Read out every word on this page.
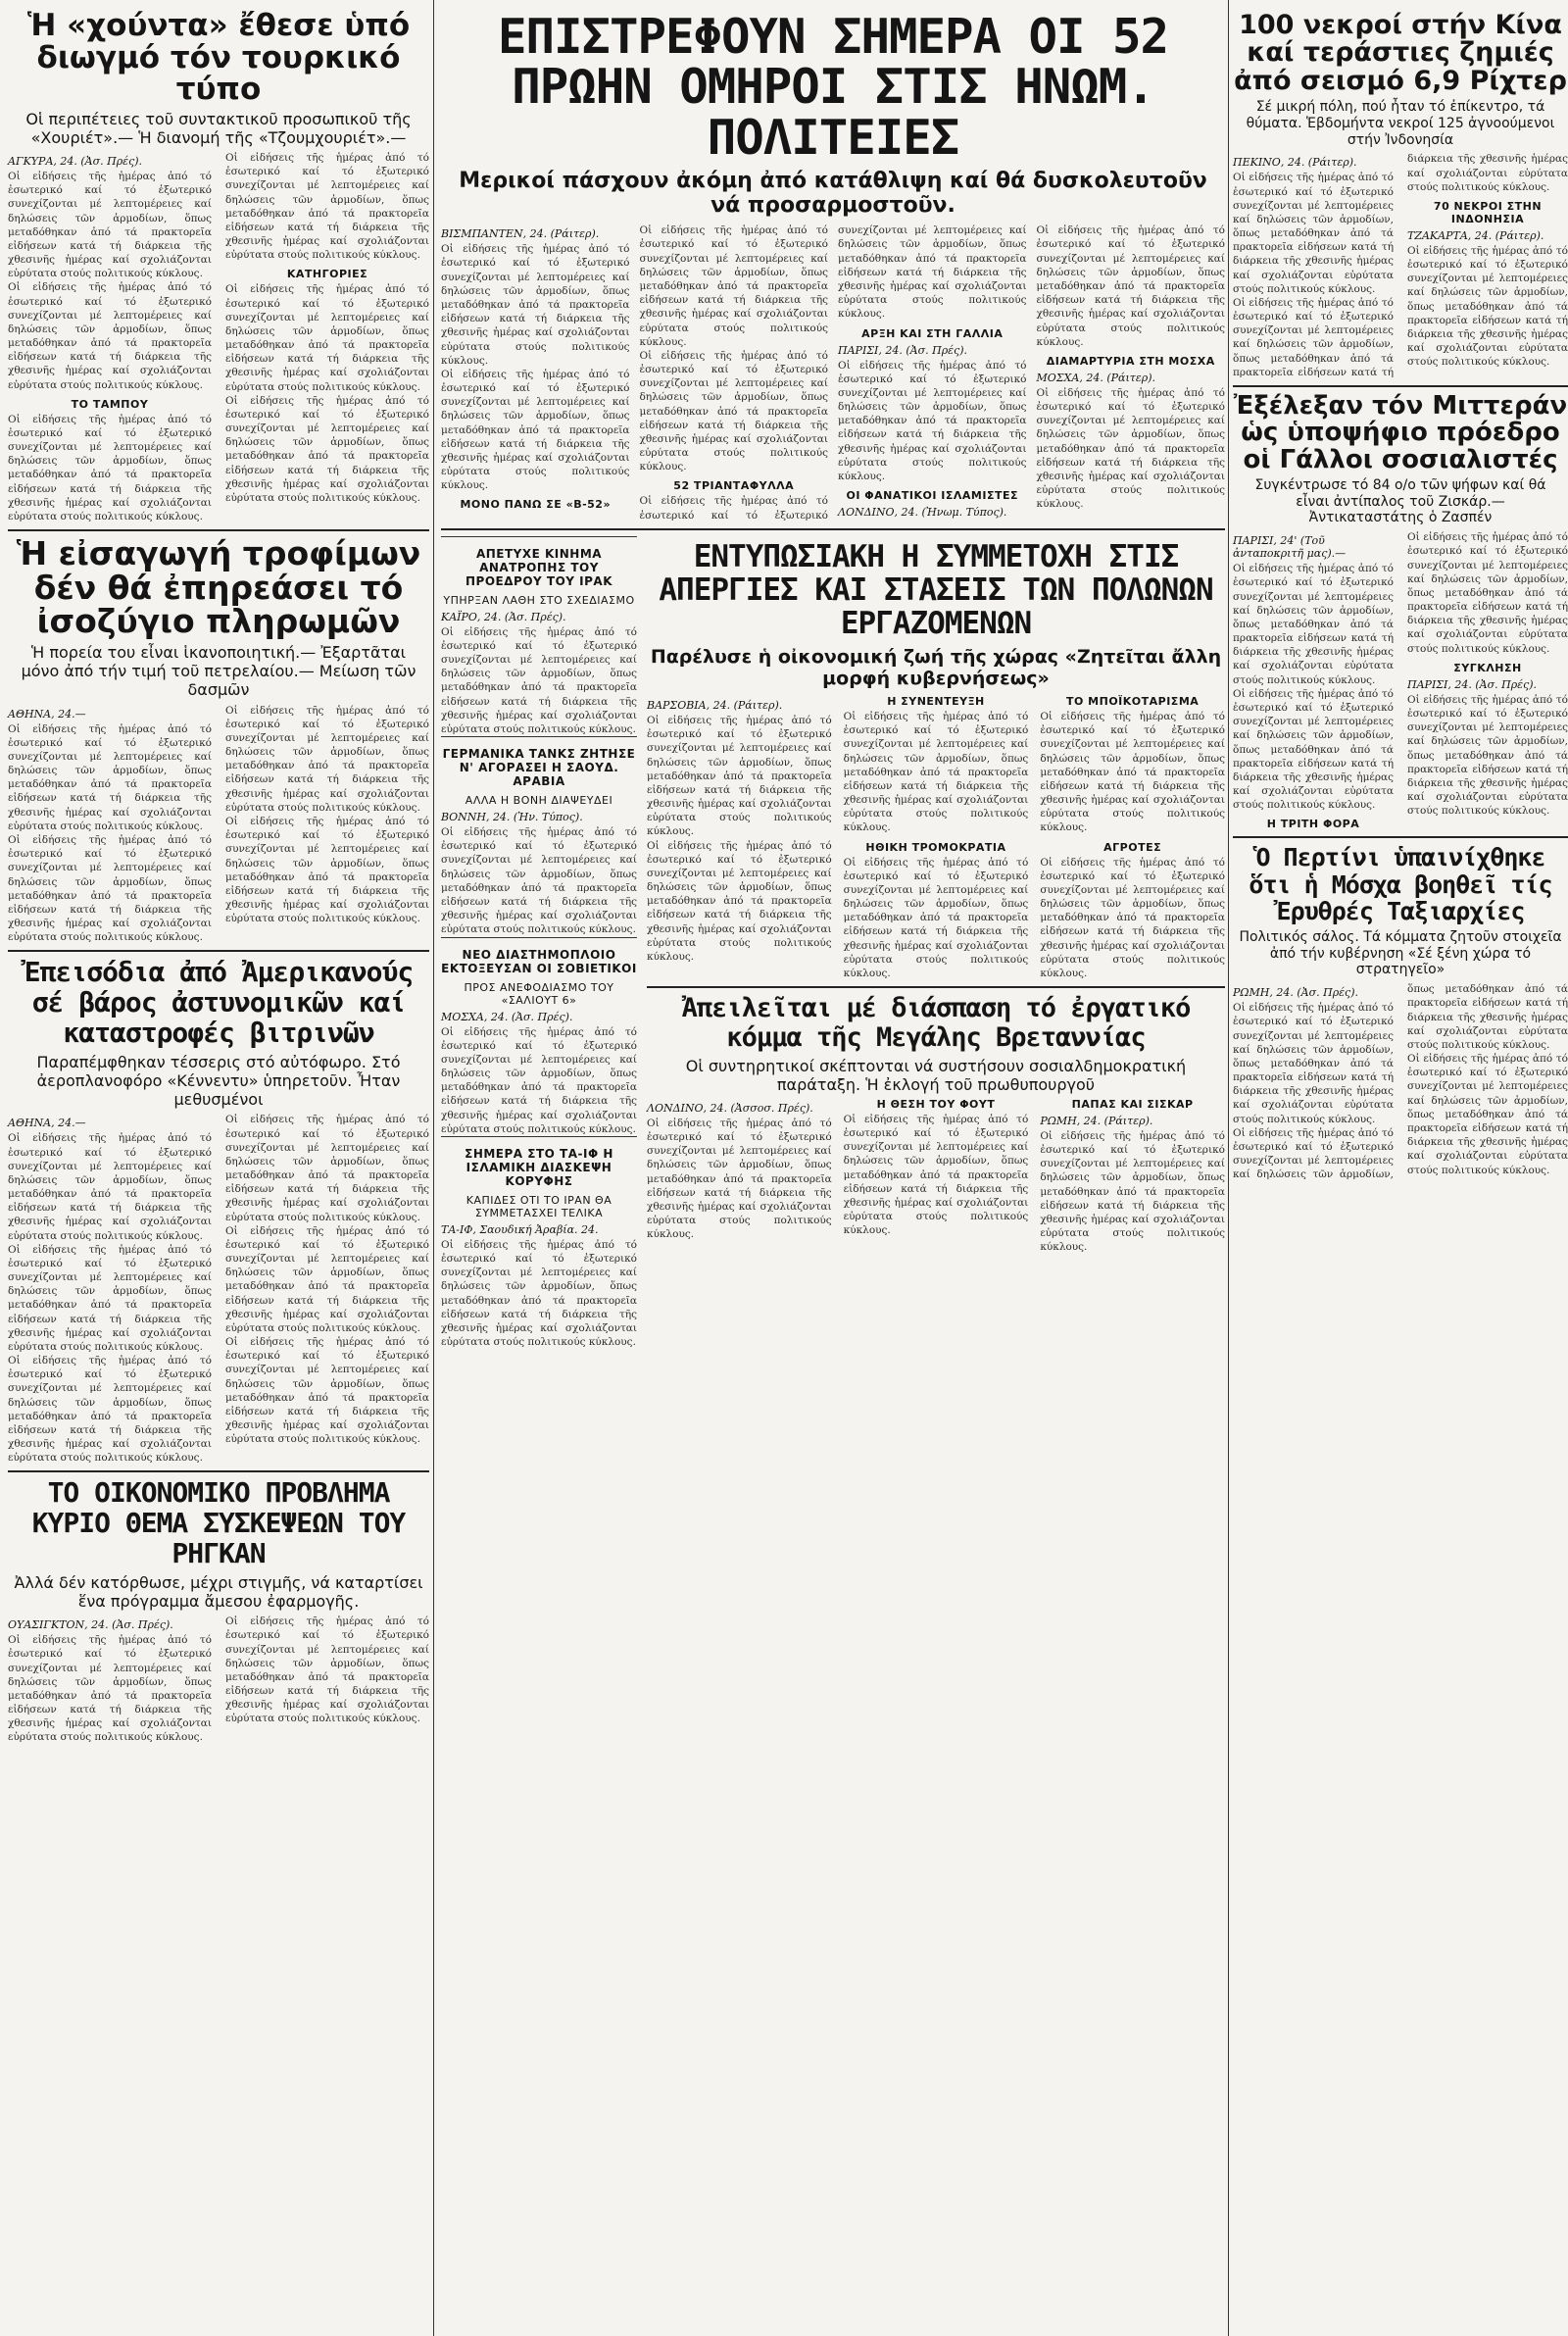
Ἡ «χούντα» ἔθεσε ὑπό διωγμό τόν τουρκικό τύπο

Οἱ περιπέτειες τοῦ συντακτικοῦ προσωπικοῦ τῆς «Χουριέτ».— Ἡ διανομή τῆς «Τζουμχουριέτ».—

ΑΓΚΥΡΑ, 24. (Ἀσ. Πρές).

Οἱ εἰδήσεις τῆς ἡμέρας ἀπό τό ἐσωτερικό καί τό ἐξωτερικό συνεχίζονται μέ λεπτομέρειες καί δηλώσεις τῶν ἁρμοδίων, ὅπως μεταδόθηκαν ἀπό τά πρακτορεῖα εἰδήσεων κατά τή διάρκεια τῆς χθεσινῆς ἡμέρας καί σχολιάζονται εὐρύτατα στούς πολιτικούς κύκλους.

Οἱ εἰδήσεις τῆς ἡμέρας ἀπό τό ἐσωτερικό καί τό ἐξωτερικό συνεχίζονται μέ λεπτομέρειες καί δηλώσεις τῶν ἁρμοδίων, ὅπως μεταδόθηκαν ἀπό τά πρακτορεῖα εἰδήσεων κατά τή διάρκεια τῆς χθεσινῆς ἡμέρας καί σχολιάζονται εὐρύτατα στούς πολιτικούς κύκλους.

ΤΟ ΤΑΜΠΟΥ

Οἱ εἰδήσεις τῆς ἡμέρας ἀπό τό ἐσωτερικό καί τό ἐξωτερικό συνεχίζονται μέ λεπτομέρειες καί δηλώσεις τῶν ἁρμοδίων, ὅπως μεταδόθηκαν ἀπό τά πρακτορεῖα εἰδήσεων κατά τή διάρκεια τῆς χθεσινῆς ἡμέρας καί σχολιάζονται εὐρύτατα στούς πολιτικούς κύκλους.

Οἱ εἰδήσεις τῆς ἡμέρας ἀπό τό ἐσωτερικό καί τό ἐξωτερικό συνεχίζονται μέ λεπτομέρειες καί δηλώσεις τῶν ἁρμοδίων, ὅπως μεταδόθηκαν ἀπό τά πρακτορεῖα εἰδήσεων κατά τή διάρκεια τῆς χθεσινῆς ἡμέρας καί σχολιάζονται εὐρύτατα στούς πολιτικούς κύκλους.

ΚΑΤΗΓΟΡΙΕΣ

Οἱ εἰδήσεις τῆς ἡμέρας ἀπό τό ἐσωτερικό καί τό ἐξωτερικό συνεχίζονται μέ λεπτομέρειες καί δηλώσεις τῶν ἁρμοδίων, ὅπως μεταδόθηκαν ἀπό τά πρακτορεῖα εἰδήσεων κατά τή διάρκεια τῆς χθεσινῆς ἡμέρας καί σχολιάζονται εὐρύτατα στούς πολιτικούς κύκλους.

Οἱ εἰδήσεις τῆς ἡμέρας ἀπό τό ἐσωτερικό καί τό ἐξωτερικό συνεχίζονται μέ λεπτομέρειες καί δηλώσεις τῶν ἁρμοδίων, ὅπως μεταδόθηκαν ἀπό τά πρακτορεῖα εἰδήσεων κατά τή διάρκεια τῆς χθεσινῆς ἡμέρας καί σχολιάζονται εὐρύτατα στούς πολιτικούς κύκλους.

Ἡ εἰσαγωγή τροφίμων δέν θά ἐπηρεάσει τό ἰσοζύγιο πληρωμῶν

Ἡ πορεία του εἶναι ἱκανοποιητική.— Ἐξαρτᾶται μόνο ἀπό τήν τιμή τοῦ πετρελαίου.— Μείωση τῶν δασμῶν

ΑΘΗΝΑ, 24.—

Οἱ εἰδήσεις τῆς ἡμέρας ἀπό τό ἐσωτερικό καί τό ἐξωτερικό συνεχίζονται μέ λεπτομέρειες καί δηλώσεις τῶν ἁρμοδίων, ὅπως μεταδόθηκαν ἀπό τά πρακτορεῖα εἰδήσεων κατά τή διάρκεια τῆς χθεσινῆς ἡμέρας καί σχολιάζονται εὐρύτατα στούς πολιτικούς κύκλους.

Οἱ εἰδήσεις τῆς ἡμέρας ἀπό τό ἐσωτερικό καί τό ἐξωτερικό συνεχίζονται μέ λεπτομέρειες καί δηλώσεις τῶν ἁρμοδίων, ὅπως μεταδόθηκαν ἀπό τά πρακτορεῖα εἰδήσεων κατά τή διάρκεια τῆς χθεσινῆς ἡμέρας καί σχολιάζονται εὐρύτατα στούς πολιτικούς κύκλους.

Οἱ εἰδήσεις τῆς ἡμέρας ἀπό τό ἐσωτερικό καί τό ἐξωτερικό συνεχίζονται μέ λεπτομέρειες καί δηλώσεις τῶν ἁρμοδίων, ὅπως μεταδόθηκαν ἀπό τά πρακτορεῖα εἰδήσεων κατά τή διάρκεια τῆς χθεσινῆς ἡμέρας καί σχολιάζονται εὐρύτατα στούς πολιτικούς κύκλους.

Οἱ εἰδήσεις τῆς ἡμέρας ἀπό τό ἐσωτερικό καί τό ἐξωτερικό συνεχίζονται μέ λεπτομέρειες καί δηλώσεις τῶν ἁρμοδίων, ὅπως μεταδόθηκαν ἀπό τά πρακτορεῖα εἰδήσεων κατά τή διάρκεια τῆς χθεσινῆς ἡμέρας καί σχολιάζονται εὐρύτατα στούς πολιτικούς κύκλους.

Ἐπεισόδια ἀπό Ἀμερικανούς σέ βάρος ἀστυνομικῶν καί καταστροφές βιτρινῶν

Παραπέμφθηκαν τέσσερις στό αὐτόφωρο. Στό ἀεροπλανοφόρο «Κέννεντυ» ὑπηρετοῦν. Ἦταν μεθυσμένοι

ΑΘΗΝΑ, 24.—

Οἱ εἰδήσεις τῆς ἡμέρας ἀπό τό ἐσωτερικό καί τό ἐξωτερικό συνεχίζονται μέ λεπτομέρειες καί δηλώσεις τῶν ἁρμοδίων, ὅπως μεταδόθηκαν ἀπό τά πρακτορεῖα εἰδήσεων κατά τή διάρκεια τῆς χθεσινῆς ἡμέρας καί σχολιάζονται εὐρύτατα στούς πολιτικούς κύκλους.

Οἱ εἰδήσεις τῆς ἡμέρας ἀπό τό ἐσωτερικό καί τό ἐξωτερικό συνεχίζονται μέ λεπτομέρειες καί δηλώσεις τῶν ἁρμοδίων, ὅπως μεταδόθηκαν ἀπό τά πρακτορεῖα εἰδήσεων κατά τή διάρκεια τῆς χθεσινῆς ἡμέρας καί σχολιάζονται εὐρύτατα στούς πολιτικούς κύκλους.

Οἱ εἰδήσεις τῆς ἡμέρας ἀπό τό ἐσωτερικό καί τό ἐξωτερικό συνεχίζονται μέ λεπτομέρειες καί δηλώσεις τῶν ἁρμοδίων, ὅπως μεταδόθηκαν ἀπό τά πρακτορεῖα εἰδήσεων κατά τή διάρκεια τῆς χθεσινῆς ἡμέρας καί σχολιάζονται εὐρύτατα στούς πολιτικούς κύκλους.

Οἱ εἰδήσεις τῆς ἡμέρας ἀπό τό ἐσωτερικό καί τό ἐξωτερικό συνεχίζονται μέ λεπτομέρειες καί δηλώσεις τῶν ἁρμοδίων, ὅπως μεταδόθηκαν ἀπό τά πρακτορεῖα εἰδήσεων κατά τή διάρκεια τῆς χθεσινῆς ἡμέρας καί σχολιάζονται εὐρύτατα στούς πολιτικούς κύκλους.

Οἱ εἰδήσεις τῆς ἡμέρας ἀπό τό ἐσωτερικό καί τό ἐξωτερικό συνεχίζονται μέ λεπτομέρειες καί δηλώσεις τῶν ἁρμοδίων, ὅπως μεταδόθηκαν ἀπό τά πρακτορεῖα εἰδήσεων κατά τή διάρκεια τῆς χθεσινῆς ἡμέρας καί σχολιάζονται εὐρύτατα στούς πολιτικούς κύκλους.

Οἱ εἰδήσεις τῆς ἡμέρας ἀπό τό ἐσωτερικό καί τό ἐξωτερικό συνεχίζονται μέ λεπτομέρειες καί δηλώσεις τῶν ἁρμοδίων, ὅπως μεταδόθηκαν ἀπό τά πρακτορεῖα εἰδήσεων κατά τή διάρκεια τῆς χθεσινῆς ἡμέρας καί σχολιάζονται εὐρύτατα στούς πολιτικούς κύκλους.

ΤΟ ΟΙΚΟΝΟΜΙΚΟ ΠΡΟΒΛΗΜΑ ΚΥΡΙΟ ΘΕΜΑ ΣΥΣΚΕΨΕΩΝ ΤΟΥ ΡΗΓΚΑΝ

Ἀλλά δέν κατόρθωσε, μέχρι στιγμῆς, νά καταρτίσει ἕνα πρόγραμμα ἄμεσου ἐφαρμογῆς.

ΟΥΑΣΙΓΚΤΟΝ, 24. (Ἀσ. Πρές).

Οἱ εἰδήσεις τῆς ἡμέρας ἀπό τό ἐσωτερικό καί τό ἐξωτερικό συνεχίζονται μέ λεπτομέρειες καί δηλώσεις τῶν ἁρμοδίων, ὅπως μεταδόθηκαν ἀπό τά πρακτορεῖα εἰδήσεων κατά τή διάρκεια τῆς χθεσινῆς ἡμέρας καί σχολιάζονται εὐρύτατα στούς πολιτικούς κύκλους.

Οἱ εἰδήσεις τῆς ἡμέρας ἀπό τό ἐσωτερικό καί τό ἐξωτερικό συνεχίζονται μέ λεπτομέρειες καί δηλώσεις τῶν ἁρμοδίων, ὅπως μεταδόθηκαν ἀπό τά πρακτορεῖα εἰδήσεων κατά τή διάρκεια τῆς χθεσινῆς ἡμέρας καί σχολιάζονται εὐρύτατα στούς πολιτικούς κύκλους.

ΕΠΙΣΤΡΕΦΟΥΝ ΣΗΜΕΡΑ ΟΙ 52 ΠΡΩΗΝ ΟΜΗΡΟΙ ΣΤΙΣ ΗΝΩΜ. ΠΟΛΙΤΕΙΕΣ

Μερικοί πάσχουν ἀκόμη ἀπό κατάθλιψη καί θά δυσκολευτοῦν νά προσαρμοστοῦν.

ΒΙΣΜΠΑΝΤΕΝ, 24. (Ράιτερ).

Οἱ εἰδήσεις τῆς ἡμέρας ἀπό τό ἐσωτερικό καί τό ἐξωτερικό συνεχίζονται μέ λεπτομέρειες καί δηλώσεις τῶν ἁρμοδίων, ὅπως μεταδόθηκαν ἀπό τά πρακτορεῖα εἰδήσεων κατά τή διάρκεια τῆς χθεσινῆς ἡμέρας καί σχολιάζονται εὐρύτατα στούς πολιτικούς κύκλους.

Οἱ εἰδήσεις τῆς ἡμέρας ἀπό τό ἐσωτερικό καί τό ἐξωτερικό συνεχίζονται μέ λεπτομέρειες καί δηλώσεις τῶν ἁρμοδίων, ὅπως μεταδόθηκαν ἀπό τά πρακτορεῖα εἰδήσεων κατά τή διάρκεια τῆς χθεσινῆς ἡμέρας καί σχολιάζονται εὐρύτατα στούς πολιτικούς κύκλους.

ΜΟΝΟ ΠΑΝΩ ΣΕ «Β-52»

Οἱ εἰδήσεις τῆς ἡμέρας ἀπό τό ἐσωτερικό καί τό ἐξωτερικό συνεχίζονται μέ λεπτομέρειες καί δηλώσεις τῶν ἁρμοδίων, ὅπως μεταδόθηκαν ἀπό τά πρακτορεῖα εἰδήσεων κατά τή διάρκεια τῆς χθεσινῆς ἡμέρας καί σχολιάζονται εὐρύτατα στούς πολιτικούς κύκλους.

Οἱ εἰδήσεις τῆς ἡμέρας ἀπό τό ἐσωτερικό καί τό ἐξωτερικό συνεχίζονται μέ λεπτομέρειες καί δηλώσεις τῶν ἁρμοδίων, ὅπως μεταδόθηκαν ἀπό τά πρακτορεῖα εἰδήσεων κατά τή διάρκεια τῆς χθεσινῆς ἡμέρας καί σχολιάζονται εὐρύτατα στούς πολιτικούς κύκλους.

52 ΤΡΙΑΝΤΑΦΥΛΛΑ

Οἱ εἰδήσεις τῆς ἡμέρας ἀπό τό ἐσωτερικό καί τό ἐξωτερικό συνεχίζονται μέ λεπτομέρειες καί δηλώσεις τῶν ἁρμοδίων, ὅπως μεταδόθηκαν ἀπό τά πρακτορεῖα εἰδήσεων κατά τή διάρκεια τῆς χθεσινῆς ἡμέρας καί σχολιάζονται εὐρύτατα στούς πολιτικούς κύκλους.

ΑΡΞΗ ΚΑΙ ΣΤΗ ΓΑΛΛΙΑ

ΠΑΡΙΣΙ, 24. (Ἀσ. Πρές).

Οἱ εἰδήσεις τῆς ἡμέρας ἀπό τό ἐσωτερικό καί τό ἐξωτερικό συνεχίζονται μέ λεπτομέρειες καί δηλώσεις τῶν ἁρμοδίων, ὅπως μεταδόθηκαν ἀπό τά πρακτορεῖα εἰδήσεων κατά τή διάρκεια τῆς χθεσινῆς ἡμέρας καί σχολιάζονται εὐρύτατα στούς πολιτικούς κύκλους.

ΟΙ ΦΑΝΑΤΙΚΟΙ ΙΣΛΑΜΙΣΤΕΣ

ΛΟΝΔΙΝΟ, 24. (Ἠνωμ. Τύπος).

Οἱ εἰδήσεις τῆς ἡμέρας ἀπό τό ἐσωτερικό καί τό ἐξωτερικό συνεχίζονται μέ λεπτομέρειες καί δηλώσεις τῶν ἁρμοδίων, ὅπως μεταδόθηκαν ἀπό τά πρακτορεῖα εἰδήσεων κατά τή διάρκεια τῆς χθεσινῆς ἡμέρας καί σχολιάζονται εὐρύτατα στούς πολιτικούς κύκλους.

ΔΙΑΜΑΡΤΥΡΙΑ ΣΤΗ ΜΟΣΧΑ

ΜΟΣΧΑ, 24. (Ράιτερ).

Οἱ εἰδήσεις τῆς ἡμέρας ἀπό τό ἐσωτερικό καί τό ἐξωτερικό συνεχίζονται μέ λεπτομέρειες καί δηλώσεις τῶν ἁρμοδίων, ὅπως μεταδόθηκαν ἀπό τά πρακτορεῖα εἰδήσεων κατά τή διάρκεια τῆς χθεσινῆς ἡμέρας καί σχολιάζονται εὐρύτατα στούς πολιτικούς κύκλους.

ΑΠΕΤΥΧΕ ΚΙΝΗΜΑ ΑΝΑΤΡΟΠΗΣ ΤΟΥ ΠΡΟΕΔΡΟΥ ΤΟΥ ΙΡΑΚ

ΥΠΗΡΞΑΝ ΛΑΘΗ ΣΤΟ ΣΧΕΔΙΑΣΜΟ

ΚΑΪΡΟ, 24. (Ἀσ. Πρές).

Οἱ εἰδήσεις τῆς ἡμέρας ἀπό τό ἐσωτερικό καί τό ἐξωτερικό συνεχίζονται μέ λεπτομέρειες καί δηλώσεις τῶν ἁρμοδίων, ὅπως μεταδόθηκαν ἀπό τά πρακτορεῖα εἰδήσεων κατά τή διάρκεια τῆς χθεσινῆς ἡμέρας καί σχολιάζονται εὐρύτατα στούς πολιτικούς κύκλους.

ΓΕΡΜΑΝΙΚΑ ΤΑΝΚΣ ΖΗΤΗΣΕ Ν' ΑΓΟΡΑΣΕΙ Η ΣΑΟΥΔ. ΑΡΑΒΙΑ

ΑΛΛΑ Η ΒΟΝΗ ΔΙΑΨΕΥΔΕΙ

ΒΟΝΝΗ, 24. (Ἠν. Τύπος).

Οἱ εἰδήσεις τῆς ἡμέρας ἀπό τό ἐσωτερικό καί τό ἐξωτερικό συνεχίζονται μέ λεπτομέρειες καί δηλώσεις τῶν ἁρμοδίων, ὅπως μεταδόθηκαν ἀπό τά πρακτορεῖα εἰδήσεων κατά τή διάρκεια τῆς χθεσινῆς ἡμέρας καί σχολιάζονται εὐρύτατα στούς πολιτικούς κύκλους.

ΝΕΟ ΔΙΑΣΤΗΜΟΠΛΟΙΟ ΕΚΤΟΞΕΥΣΑΝ ΟΙ ΣΟΒΙΕΤΙΚΟΙ

ΠΡΟΣ ΑΝΕΦΟΔΙΑΣΜΟ ΤΟΥ «ΣΑΛΙΟΥΤ 6»

ΜΟΣΧΑ, 24. (Ἀσ. Πρές).

Οἱ εἰδήσεις τῆς ἡμέρας ἀπό τό ἐσωτερικό καί τό ἐξωτερικό συνεχίζονται μέ λεπτομέρειες καί δηλώσεις τῶν ἁρμοδίων, ὅπως μεταδόθηκαν ἀπό τά πρακτορεῖα εἰδήσεων κατά τή διάρκεια τῆς χθεσινῆς ἡμέρας καί σχολιάζονται εὐρύτατα στούς πολιτικούς κύκλους.

ΣΗΜΕΡΑ ΣΤΟ ΤΑ-ΙΦ Η ΙΣΛΑΜΙΚΗ ΔΙΑΣΚΕΨΗ ΚΟΡΥΦΗΣ

ΚΑΠΙΔΕΣ ΟΤΙ ΤΟ ΙΡΑΝ ΘΑ ΣΥΜΜΕΤΑΣΧΕΙ ΤΕΛΙΚΑ

ΤΑ-ΙΦ, Σαουδική Ἀραβία. 24.

Οἱ εἰδήσεις τῆς ἡμέρας ἀπό τό ἐσωτερικό καί τό ἐξωτερικό συνεχίζονται μέ λεπτομέρειες καί δηλώσεις τῶν ἁρμοδίων, ὅπως μεταδόθηκαν ἀπό τά πρακτορεῖα εἰδήσεων κατά τή διάρκεια τῆς χθεσινῆς ἡμέρας καί σχολιάζονται εὐρύτατα στούς πολιτικούς κύκλους.

ΕΝΤΥΠΩΣΙΑΚΗ Η ΣΥΜΜΕΤΟΧΗ ΣΤΙΣ ΑΠΕΡΓΙΕΣ ΚΑΙ ΣΤΑΣΕΙΣ ΤΩΝ ΠΟΛΩΝΩΝ ΕΡΓΑΖΟΜΕΝΩΝ

Παρέλυσε ἡ οἰκονομική ζωή τῆς χώρας «Ζητεῖται ἄλλη μορφή κυβερνήσεως»

ΒΑΡΣΟΒΙΑ, 24. (Ράιτερ).

Οἱ εἰδήσεις τῆς ἡμέρας ἀπό τό ἐσωτερικό καί τό ἐξωτερικό συνεχίζονται μέ λεπτομέρειες καί δηλώσεις τῶν ἁρμοδίων, ὅπως μεταδόθηκαν ἀπό τά πρακτορεῖα εἰδήσεων κατά τή διάρκεια τῆς χθεσινῆς ἡμέρας καί σχολιάζονται εὐρύτατα στούς πολιτικούς κύκλους.

Οἱ εἰδήσεις τῆς ἡμέρας ἀπό τό ἐσωτερικό καί τό ἐξωτερικό συνεχίζονται μέ λεπτομέρειες καί δηλώσεις τῶν ἁρμοδίων, ὅπως μεταδόθηκαν ἀπό τά πρακτορεῖα εἰδήσεων κατά τή διάρκεια τῆς χθεσινῆς ἡμέρας καί σχολιάζονται εὐρύτατα στούς πολιτικούς κύκλους.

Η ΣΥΝΕΝΤΕΥΞΗ

Οἱ εἰδήσεις τῆς ἡμέρας ἀπό τό ἐσωτερικό καί τό ἐξωτερικό συνεχίζονται μέ λεπτομέρειες καί δηλώσεις τῶν ἁρμοδίων, ὅπως μεταδόθηκαν ἀπό τά πρακτορεῖα εἰδήσεων κατά τή διάρκεια τῆς χθεσινῆς ἡμέρας καί σχολιάζονται εὐρύτατα στούς πολιτικούς κύκλους.

ΗΘΙΚΗ ΤΡΟΜΟΚΡΑΤΙΑ

Οἱ εἰδήσεις τῆς ἡμέρας ἀπό τό ἐσωτερικό καί τό ἐξωτερικό συνεχίζονται μέ λεπτομέρειες καί δηλώσεις τῶν ἁρμοδίων, ὅπως μεταδόθηκαν ἀπό τά πρακτορεῖα εἰδήσεων κατά τή διάρκεια τῆς χθεσινῆς ἡμέρας καί σχολιάζονται εὐρύτατα στούς πολιτικούς κύκλους.

ΤΟ ΜΠΟΪΚΟΤΑΡΙΣΜΑ

Οἱ εἰδήσεις τῆς ἡμέρας ἀπό τό ἐσωτερικό καί τό ἐξωτερικό συνεχίζονται μέ λεπτομέρειες καί δηλώσεις τῶν ἁρμοδίων, ὅπως μεταδόθηκαν ἀπό τά πρακτορεῖα εἰδήσεων κατά τή διάρκεια τῆς χθεσινῆς ἡμέρας καί σχολιάζονται εὐρύτατα στούς πολιτικούς κύκλους.

ΑΓΡΟΤΕΣ

Οἱ εἰδήσεις τῆς ἡμέρας ἀπό τό ἐσωτερικό καί τό ἐξωτερικό συνεχίζονται μέ λεπτομέρειες καί δηλώσεις τῶν ἁρμοδίων, ὅπως μεταδόθηκαν ἀπό τά πρακτορεῖα εἰδήσεων κατά τή διάρκεια τῆς χθεσινῆς ἡμέρας καί σχολιάζονται εὐρύτατα στούς πολιτικούς κύκλους.

Ἀπειλεῖται μέ διάσπαση τό ἐργατικό κόμμα τῆς Μεγάλης Βρεταννίας

Οἱ συντηρητικοί σκέπτονται νά συστήσουν σοσιαλδημοκρατική παράταξη. Ἡ ἐκλογή τοῦ πρωθυπουργοῦ

ΛΟΝΔΙΝΟ, 24. (Ἀσσοσ. Πρές).

Οἱ εἰδήσεις τῆς ἡμέρας ἀπό τό ἐσωτερικό καί τό ἐξωτερικό συνεχίζονται μέ λεπτομέρειες καί δηλώσεις τῶν ἁρμοδίων, ὅπως μεταδόθηκαν ἀπό τά πρακτορεῖα εἰδήσεων κατά τή διάρκεια τῆς χθεσινῆς ἡμέρας καί σχολιάζονται εὐρύτατα στούς πολιτικούς κύκλους.

Η ΘΕΣΗ ΤΟΥ ΦΟΥΤ

Οἱ εἰδήσεις τῆς ἡμέρας ἀπό τό ἐσωτερικό καί τό ἐξωτερικό συνεχίζονται μέ λεπτομέρειες καί δηλώσεις τῶν ἁρμοδίων, ὅπως μεταδόθηκαν ἀπό τά πρακτορεῖα εἰδήσεων κατά τή διάρκεια τῆς χθεσινῆς ἡμέρας καί σχολιάζονται εὐρύτατα στούς πολιτικούς κύκλους.

ΠΑΠΑΣ ΚΑΙ ΣΙΣΚΑΡ

ΡΩΜΗ, 24. (Ράιτερ).

Οἱ εἰδήσεις τῆς ἡμέρας ἀπό τό ἐσωτερικό καί τό ἐξωτερικό συνεχίζονται μέ λεπτομέρειες καί δηλώσεις τῶν ἁρμοδίων, ὅπως μεταδόθηκαν ἀπό τά πρακτορεῖα εἰδήσεων κατά τή διάρκεια τῆς χθεσινῆς ἡμέρας καί σχολιάζονται εὐρύτατα στούς πολιτικούς κύκλους.

100 νεκροί στήν Κίνα καί τεράστιες ζημιές ἀπό σεισμό 6,9 Ρίχτερ

Σέ μικρή πόλη, πού ἦταν τό ἐπίκεντρο, τά θύματα. Ἑβδομήντα νεκροί 125 ἀγνοούμενοι στήν Ἰνδονησία

ΠΕΚΙΝΟ, 24. (Ράιτερ).

Οἱ εἰδήσεις τῆς ἡμέρας ἀπό τό ἐσωτερικό καί τό ἐξωτερικό συνεχίζονται μέ λεπτομέρειες καί δηλώσεις τῶν ἁρμοδίων, ὅπως μεταδόθηκαν ἀπό τά πρακτορεῖα εἰδήσεων κατά τή διάρκεια τῆς χθεσινῆς ἡμέρας καί σχολιάζονται εὐρύτατα στούς πολιτικούς κύκλους.

Οἱ εἰδήσεις τῆς ἡμέρας ἀπό τό ἐσωτερικό καί τό ἐξωτερικό συνεχίζονται μέ λεπτομέρειες καί δηλώσεις τῶν ἁρμοδίων, ὅπως μεταδόθηκαν ἀπό τά πρακτορεῖα εἰδήσεων κατά τή διάρκεια τῆς χθεσινῆς ἡμέρας καί σχολιάζονται εὐρύτατα στούς πολιτικούς κύκλους.

70 ΝΕΚΡΟΙ ΣΤΗΝ ΙΝΔΟΝΗΣΙΑ

ΤΖΑΚΑΡΤΑ, 24. (Ράιτερ).

Οἱ εἰδήσεις τῆς ἡμέρας ἀπό τό ἐσωτερικό καί τό ἐξωτερικό συνεχίζονται μέ λεπτομέρειες καί δηλώσεις τῶν ἁρμοδίων, ὅπως μεταδόθηκαν ἀπό τά πρακτορεῖα εἰδήσεων κατά τή διάρκεια τῆς χθεσινῆς ἡμέρας καί σχολιάζονται εὐρύτατα στούς πολιτικούς κύκλους.

Ἐξέλεξαν τόν Μιττεράν ὡς ὑποψήφιο πρόεδρο οἱ Γάλλοι σοσιαλιστές

Συγκέντρωσε τό 84 ο/ο τῶν ψήφων καί θά εἶναι ἀντίπαλος τοῦ Ζισκάρ.— Ἀντικαταστάτης ὁ Ζασπέν

ΠΑΡΙΣΙ, 24' (Τοῦ ἀνταποκριτῆ μας).—

Οἱ εἰδήσεις τῆς ἡμέρας ἀπό τό ἐσωτερικό καί τό ἐξωτερικό συνεχίζονται μέ λεπτομέρειες καί δηλώσεις τῶν ἁρμοδίων, ὅπως μεταδόθηκαν ἀπό τά πρακτορεῖα εἰδήσεων κατά τή διάρκεια τῆς χθεσινῆς ἡμέρας καί σχολιάζονται εὐρύτατα στούς πολιτικούς κύκλους.

Οἱ εἰδήσεις τῆς ἡμέρας ἀπό τό ἐσωτερικό καί τό ἐξωτερικό συνεχίζονται μέ λεπτομέρειες καί δηλώσεις τῶν ἁρμοδίων, ὅπως μεταδόθηκαν ἀπό τά πρακτορεῖα εἰδήσεων κατά τή διάρκεια τῆς χθεσινῆς ἡμέρας καί σχολιάζονται εὐρύτατα στούς πολιτικούς κύκλους.

Η ΤΡΙΤΗ ΦΟΡΑ

Οἱ εἰδήσεις τῆς ἡμέρας ἀπό τό ἐσωτερικό καί τό ἐξωτερικό συνεχίζονται μέ λεπτομέρειες καί δηλώσεις τῶν ἁρμοδίων, ὅπως μεταδόθηκαν ἀπό τά πρακτορεῖα εἰδήσεων κατά τή διάρκεια τῆς χθεσινῆς ἡμέρας καί σχολιάζονται εὐρύτατα στούς πολιτικούς κύκλους.

ΣΥΓΚΛΗΣΗ

ΠΑΡΙΣΙ, 24. (Ἀσ. Πρές).

Οἱ εἰδήσεις τῆς ἡμέρας ἀπό τό ἐσωτερικό καί τό ἐξωτερικό συνεχίζονται μέ λεπτομέρειες καί δηλώσεις τῶν ἁρμοδίων, ὅπως μεταδόθηκαν ἀπό τά πρακτορεῖα εἰδήσεων κατά τή διάρκεια τῆς χθεσινῆς ἡμέρας καί σχολιάζονται εὐρύτατα στούς πολιτικούς κύκλους.

Ὁ Περτίνι ὑπαινίχθηκε ὅτι ἡ Μόσχα βοηθεῖ τίς Ἐρυθρές Ταξιαρχίες

Πολιτικός σάλος. Τά κόμματα ζητοῦν στοιχεῖα ἀπό τήν κυβέρνηση «Σέ ξένη χώρα τό στρατηγεῖο»

ΡΩΜΗ, 24. (Ἀσ. Πρές).

Οἱ εἰδήσεις τῆς ἡμέρας ἀπό τό ἐσωτερικό καί τό ἐξωτερικό συνεχίζονται μέ λεπτομέρειες καί δηλώσεις τῶν ἁρμοδίων, ὅπως μεταδόθηκαν ἀπό τά πρακτορεῖα εἰδήσεων κατά τή διάρκεια τῆς χθεσινῆς ἡμέρας καί σχολιάζονται εὐρύτατα στούς πολιτικούς κύκλους.

Οἱ εἰδήσεις τῆς ἡμέρας ἀπό τό ἐσωτερικό καί τό ἐξωτερικό συνεχίζονται μέ λεπτομέρειες καί δηλώσεις τῶν ἁρμοδίων, ὅπως μεταδόθηκαν ἀπό τά πρακτορεῖα εἰδήσεων κατά τή διάρκεια τῆς χθεσινῆς ἡμέρας καί σχολιάζονται εὐρύτατα στούς πολιτικούς κύκλους.

Οἱ εἰδήσεις τῆς ἡμέρας ἀπό τό ἐσωτερικό καί τό ἐξωτερικό συνεχίζονται μέ λεπτομέρειες καί δηλώσεις τῶν ἁρμοδίων, ὅπως μεταδόθηκαν ἀπό τά πρακτορεῖα εἰδήσεων κατά τή διάρκεια τῆς χθεσινῆς ἡμέρας καί σχολιάζονται εὐρύτατα στούς πολιτικούς κύκλους.
